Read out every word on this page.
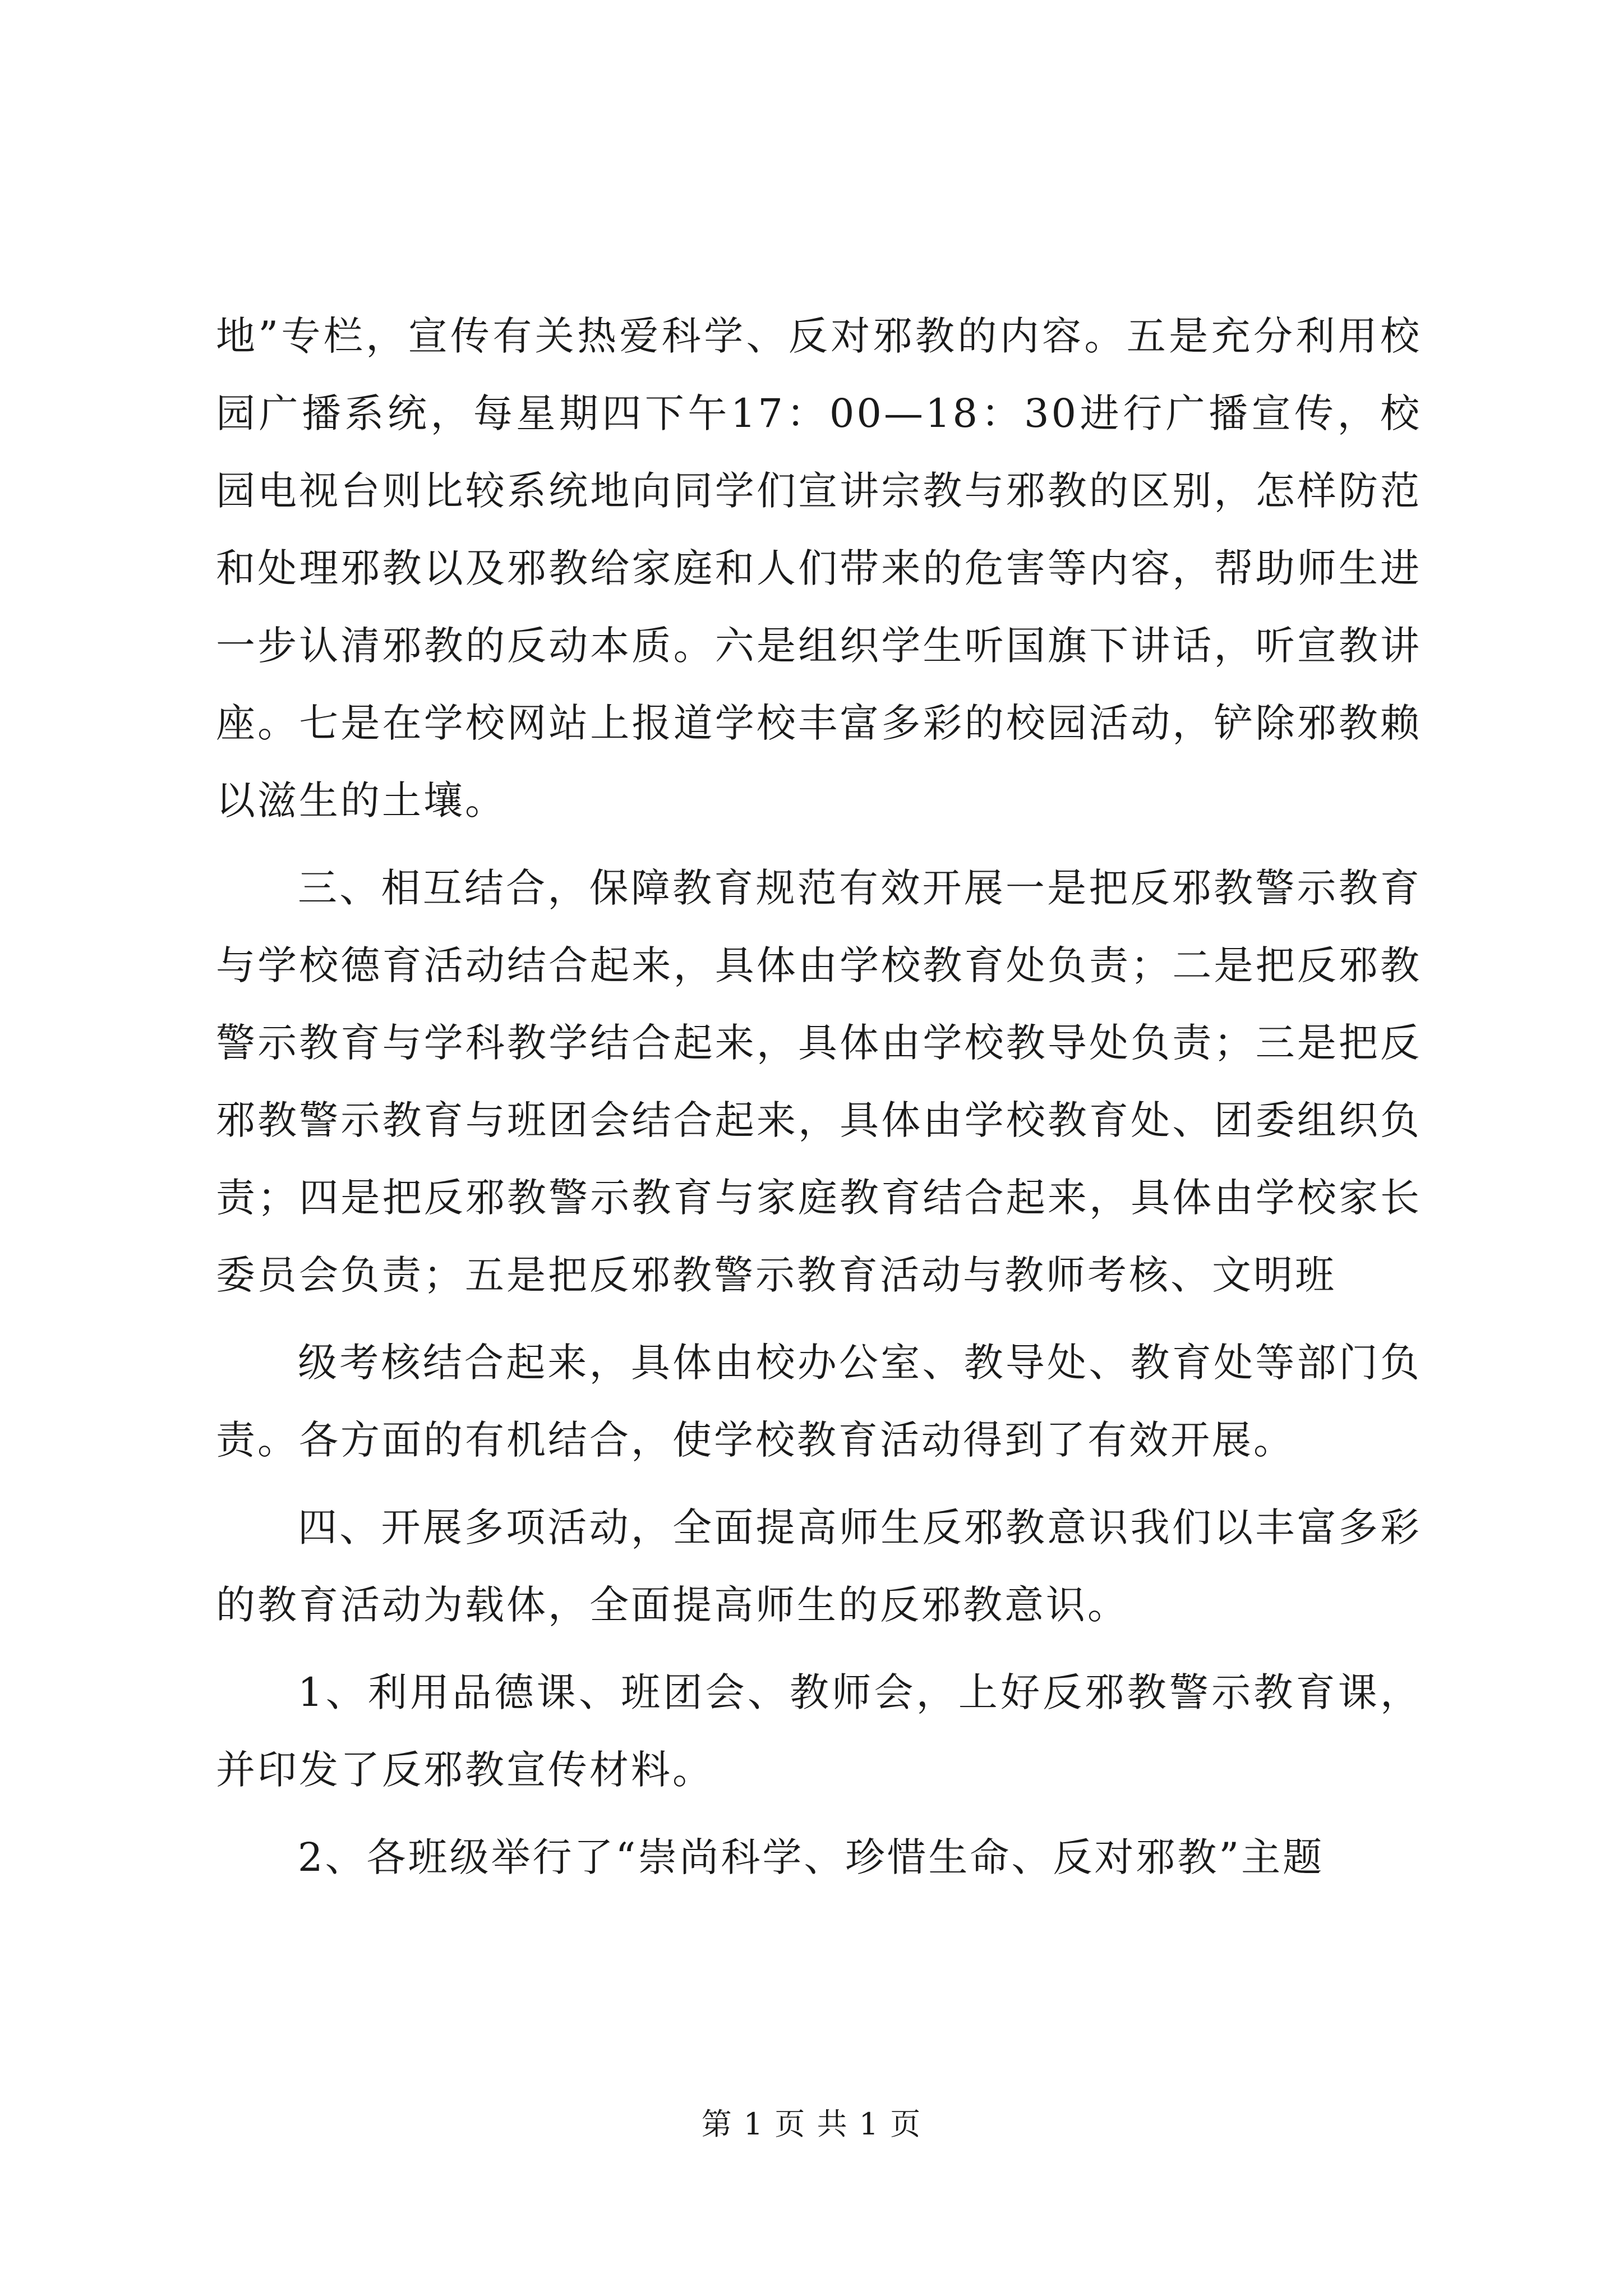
地”专栏，宣传有关热爱科学、反对邪教的内容。五是充分利用校园广播系统，每星期四下午17：00—18：30进行广播宣传，校园电视台则比较系统地向同学们宣讲宗教与邪教的区别，怎样防范和处理邪教以及邪教给家庭和人们带来的危害等内容，帮助师生进一步认清邪教的反动本质。六是组织学生听国旗下讲话，听宣教讲座。七是在学校网站上报道学校丰富多彩的校园活动，铲除邪教赖以滋生的土壤。

三、相互结合，保障教育规范有效开展一是把反邪教警示教育与学校德育活动结合起来，具体由学校教育处负责；二是把反邪教警示教育与学科教学结合起来，具体由学校教导处负责；三是把反邪教警示教育与班团会结合起来，具体由学校教育处、团委组织负责；四是把反邪教警示教育与家庭教育结合起来，具体由学校家长委员会负责；五是把反邪教警示教育活动与教师考核、文明班

级考核结合起来，具体由校办公室、教导处、教育处等部门负责。各方面的有机结合，使学校教育活动得到了有效开展。

四、开展多项活动，全面提高师生反邪教意识我们以丰富多彩的教育活动为载体，全面提高师生的反邪教意识。

1、利用品德课、班团会、教师会，上好反邪教警示教育课，并印发了反邪教宣传材料。

2、各班级举行了“崇尚科学、珍惜生命、反对邪教”主题

第 1 页 共 1 页
